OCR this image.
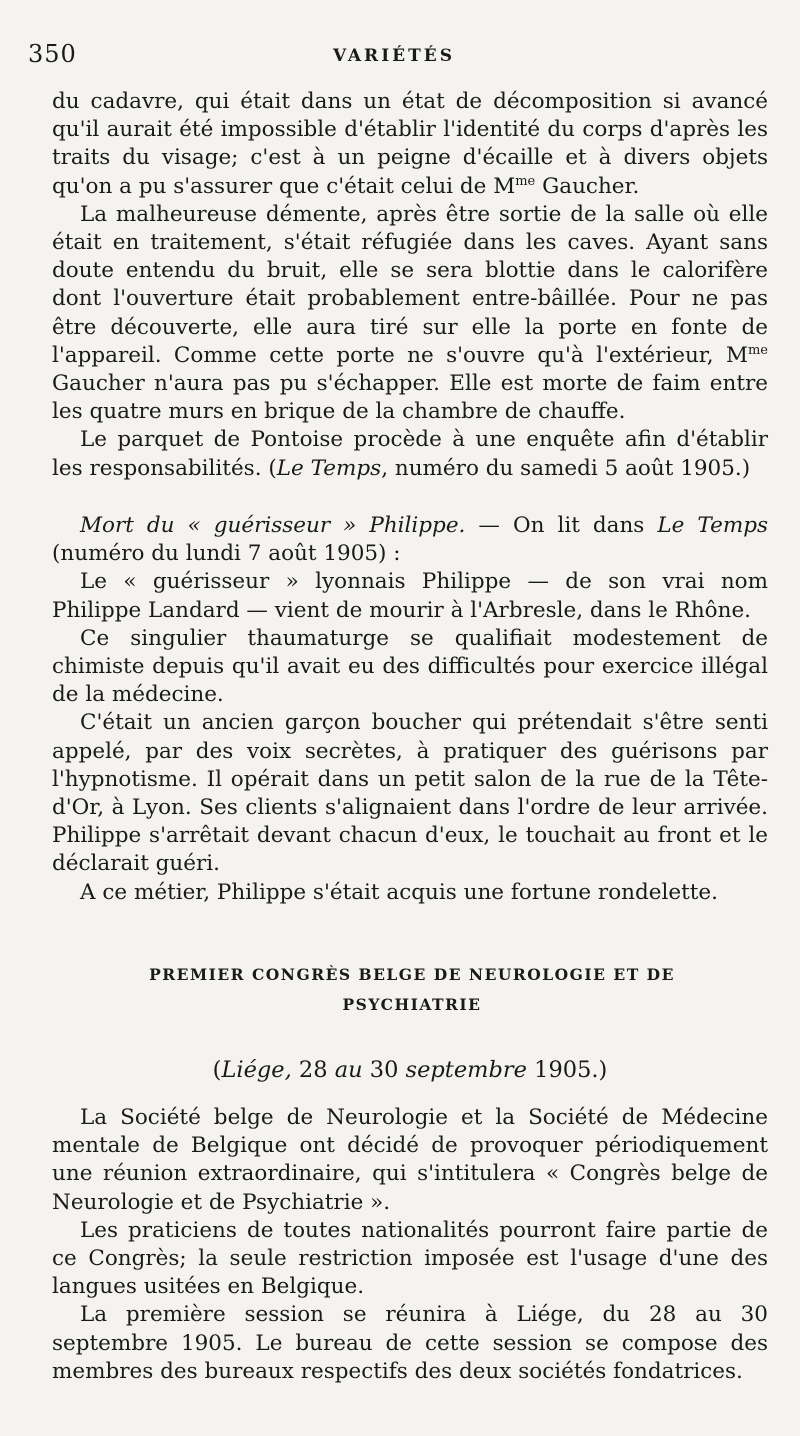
350	VARIÉTÉS

du cadavre, qui était dans un état de décomposition si avancé qu'il aurait été impossible d'établir l'identité du corps d'après les traits du visage; c'est à un peigne d'écaille et à divers objets qu'on a pu s'assurer que c'était celui de $M^{me}$ Gaucher.

La malheureuse démente, après être sortie de la salle où elle était en traitement, s'était réfugiée dans les caves. Ayant sans doute entendu du bruit, elle se sera blottie dans le calorifère dont l'ouverture était probablement entre-bâillée. Pour ne pas être découverte, elle aura tiré sur elle la porte en fonte de l'appareil. Comme cette porte ne s'ouvre qu'à l'extérieur, $M^{me}$ Gaucher n'aura pas pu s'échapper. Elle est morte de faim entre les quatre murs en brique de la chambre de chauffe.

Le parquet de Pontoise procède à une enquête afin d'établir les responsabilités. (Le Temps, numéro du samedi 5 août 1905.)

Mort du « guérisseur » Philippe. — On lit dans Le Temps (numéro du lundi 7 août 1905) :

Le « guérisseur » lyonnais Philippe — de son vrai nom Philippe Landard — vient de mourir à l'Arbresle, dans le Rhône.

Ce singulier thaumaturge se qualifiait modestement de chimiste depuis qu'il avait eu des difficultés pour exercice illégal de la médecine.

C'était un ancien garçon boucher qui prétendait s'être senti appelé, par des voix secrètes, à pratiquer des guérisons par l'hypnotisme. Il opérait dans un petit salon de la rue de la Tête-d'Or, à Lyon. Ses clients s'alignaient dans l'ordre de leur arrivée. Philippe s'arrêtait devant chacun d'eux, le touchait au front et le déclarait guéri.

A ce métier, Philippe s'était acquis une fortune rondelette.

PREMIER CONGRÈS BELGE DE NEUROLOGIE ET DE
PSYCHIATRIE
(Liége, 28 au 30 septembre 1905.)

La Société belge de Neurologie et la Société de Médecine mentale de Belgique ont décidé de provoquer périodiquement une réunion extraordinaire, qui s'intitulera « Congrès belge de Neurologie et de Psychiatrie ».

Les praticiens de toutes nationalités pourront faire partie de ce Congrès; la seule restriction imposée est l'usage d'une des langues usitées en Belgique.

La première session se réunira à Liége, du 28 au 30 septembre 1905. Le bureau de cette session se compose des membres des bureaux respectifs des deux sociétés fondatrices.
